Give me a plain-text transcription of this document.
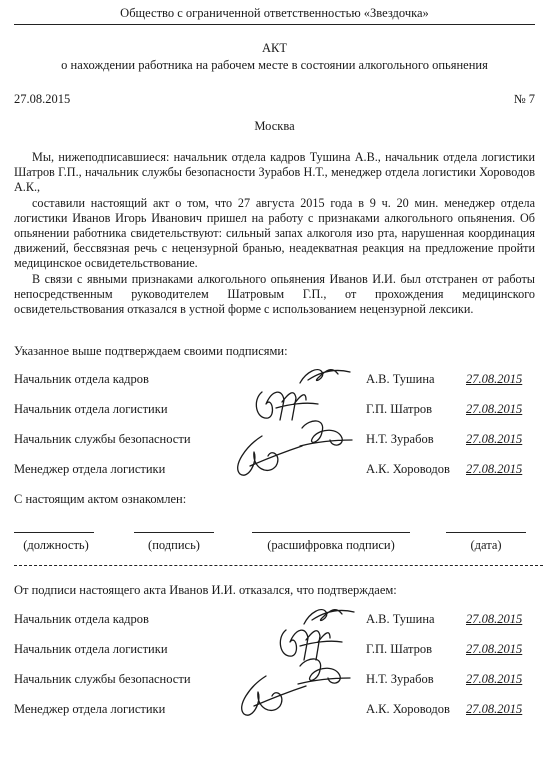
Общество с ограниченной ответственностью «Звездочка»
АКТ
о нахождении работника на рабочем месте в состоянии алкогольного опьянения
27.08.2015	№ 7
Москва

Мы, нижеподписавшиеся: начальник отдела кадров Тушина А.В., начальник отдела логистики Шатров Г.П., начальник службы безопасности Зурабов Н.Т., менеджер отдела логистики Хороводов А.К.,

составили настоящий акт о том, что 27 августа 2015 года в 9 ч. 20 мин. менеджер отдела логистики Иванов Игорь Иванович пришел на работу с признаками алкогольного опьянения. Об опьянении работника свидетельствуют: сильный запах алкоголя изо рта, нарушенная координация движений, бессвязная речь с нецензурной бранью, неадекватная реакция на предложение пройти медицинское освидетельствование.

В связи с явными признаками алкогольного опьянения Иванов И.И. был отстранен от работы непосредственным руководителем Шатровым Г.П., от прохождения медицинского освидетельствования отказался в устной форме с использованием нецензурной лексики.

Указанное выше подтверждаем своими подписями:
Начальник отдела кадров	А.В. Тушина	27.08.2015
Начальник отдела логистики	Г.П. Шатров	27.08.2015
Начальник службы безопасности	Н.Т. Зурабов	27.08.2015
Менеджер отдела логистики	А.К. Хороводов 27.08.2015
С настоящим актом ознакомлен:
(должность)	(подпись)	(расшифровка подписи)	(дата)
От подписи настоящего акта Иванов И.И. отказался, что подтверждаем:
Начальник отдела кадров	А.В. Тушина	27.08.2015
Начальник отдела логистики	Г.П. Шатров	27.08.2015
Начальник службы безопасности	Н.Т. Зурабов	27.08.2015
Менеджер отдела логистики	А.К. Хороводов 27.08.2015
